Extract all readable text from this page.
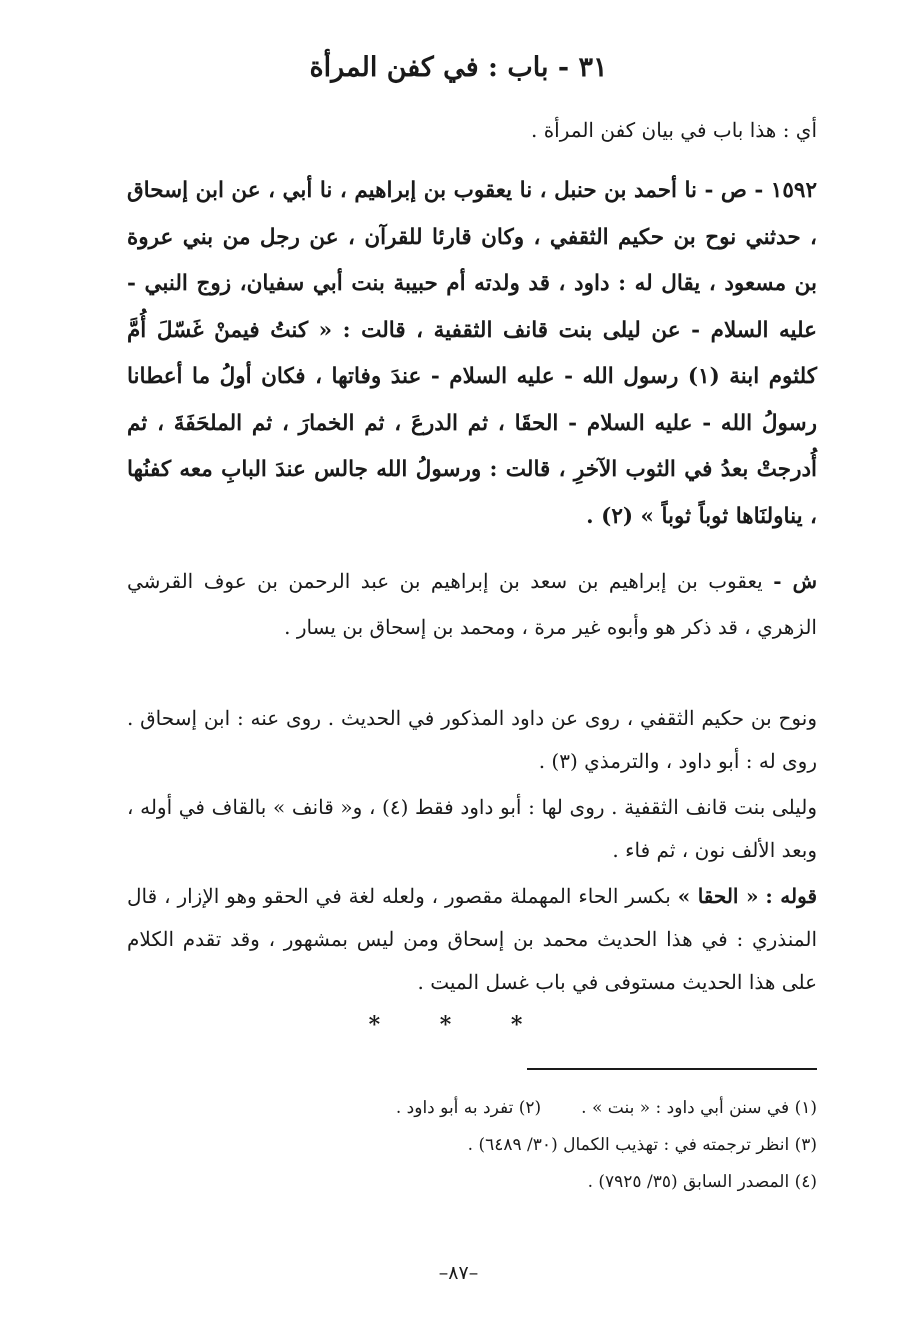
٣١ - باب : في كفن المرأة

أي : هذا باب في بيان كفن المرأة .

١٥٩٢ - ص - نا أحمد بن حنبل ، نا يعقوب بن إبراهيم ، نا أبي ، عن ابن إسحاق ، حدثني نوح بن حكيم الثقفي ، وكان قارئا للقرآن ، عن رجل من بني عروة بن مسعود ، يقال له : داود ، قد ولدته أم حبيبة بنت أبي سفيان، زوج النبي - عليه السلام - عن ليلى بنت قانف الثقفية ، قالت : « كنتُ فيمنْ غَسّلَ أُمَّ كلثوم ابنة (١) رسول الله - عليه السلام - عندَ وفاتها ، فكان أولُ ما أعطانا رسولُ الله - عليه السلام - الحقَا ، ثم الدرعَ ، ثم الخمارَ ، ثم الملحَفَةَ ، ثم أُدرجتْ بعدُ في الثوب الآخرِ ، قالت : ورسولُ الله جالس عندَ البابِ معه كفنُها ، يناولنَاها ثوباً ثوباً » (٢) .

ش - يعقوب بن إبراهيم بن سعد بن إبراهيم بن عبد الرحمن بن عوف القرشي الزهري ، قد ذكر هو وأبوه غير مرة ، ومحمد بن إسحاق بن يسار .

ونوح بن حكيم الثقفي ، روى عن داود المذكور في الحديث . روى عنه : ابن إسحاق . روى له : أبو داود ، والترمذي (٣) .

وليلى بنت قانف الثقفية . روى لها : أبو داود فقط (٤) ، و« قانف » بالقاف في أوله ، وبعد الألف نون ، ثم فاء .

قوله : « الحقا » بكسر الحاء المهملة مقصور ، ولعله لغة في الحقو وهو الإزار ، قال المنذري : في هذا الحديث محمد بن إسحاق ومن ليس بمشهور ، وقد تقدم الكلام على هذا الحديث مستوفى في باب غسل الميت .

* * *
(١) في سنن أبي داود : « بنت » .
(٢) تفرد به أبو داود .
(٣) انظر ترجمته في : تهذيب الكمال (٣٠/ ٦٤٨٩) .
(٤) المصدر السابق (٣٥/ ٧٩٢٥) .
–٨٧–
